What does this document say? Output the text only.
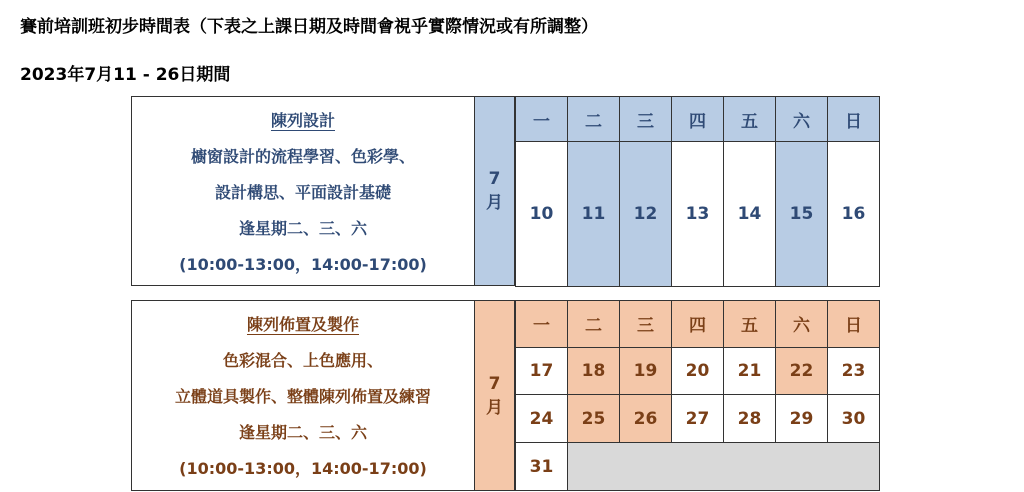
賽前培訓班初步時間表（下表之上課日期及時間會視乎實際情況或有所調整）
2023年7月11 - 26日期間
陳列設計
櫥窗設計的流程學習、色彩學、
設計構思、平面設計基礎
逢星期二、三、六
(10:00-13:00，14:00-17:00)
7
月
一	二	三	四	五	六	日
10	11	12	13	14	15	16
陳列佈置及製作
色彩混合、上色應用、
立體道具製作、整體陳列佈置及練習
逢星期二、三、六
(10:00-13:00，14:00-17:00)
7
月
一	二	三	四	五	六	日
17	18	19	20	21	22	23
24	25	26	27	28	29	30
31						
